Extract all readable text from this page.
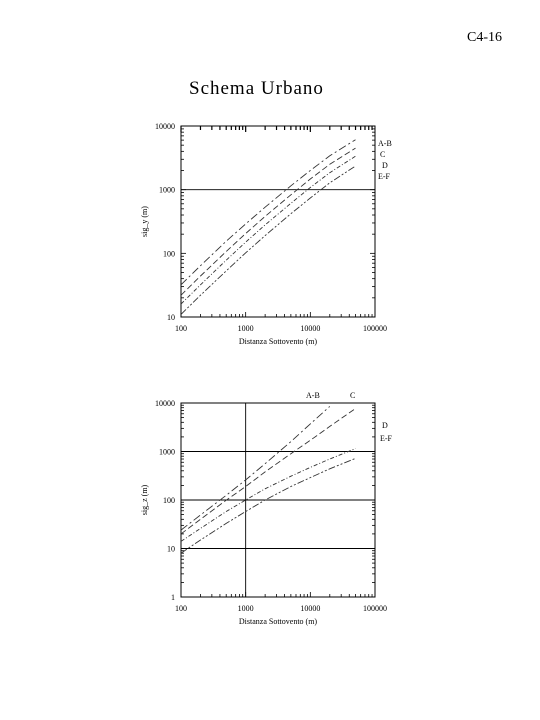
C4-16
Schema Urbano
100	1000	10000	100000
10
100
1000
10000
Distanza Sottovento (m)
sig_y (m)
A-B
C
D
E-F
100	1000	10000	100000
1
10
100
1000
10000
Distanza Sottovento (m)
sig_z (m)
A-B	C
D
E-F
